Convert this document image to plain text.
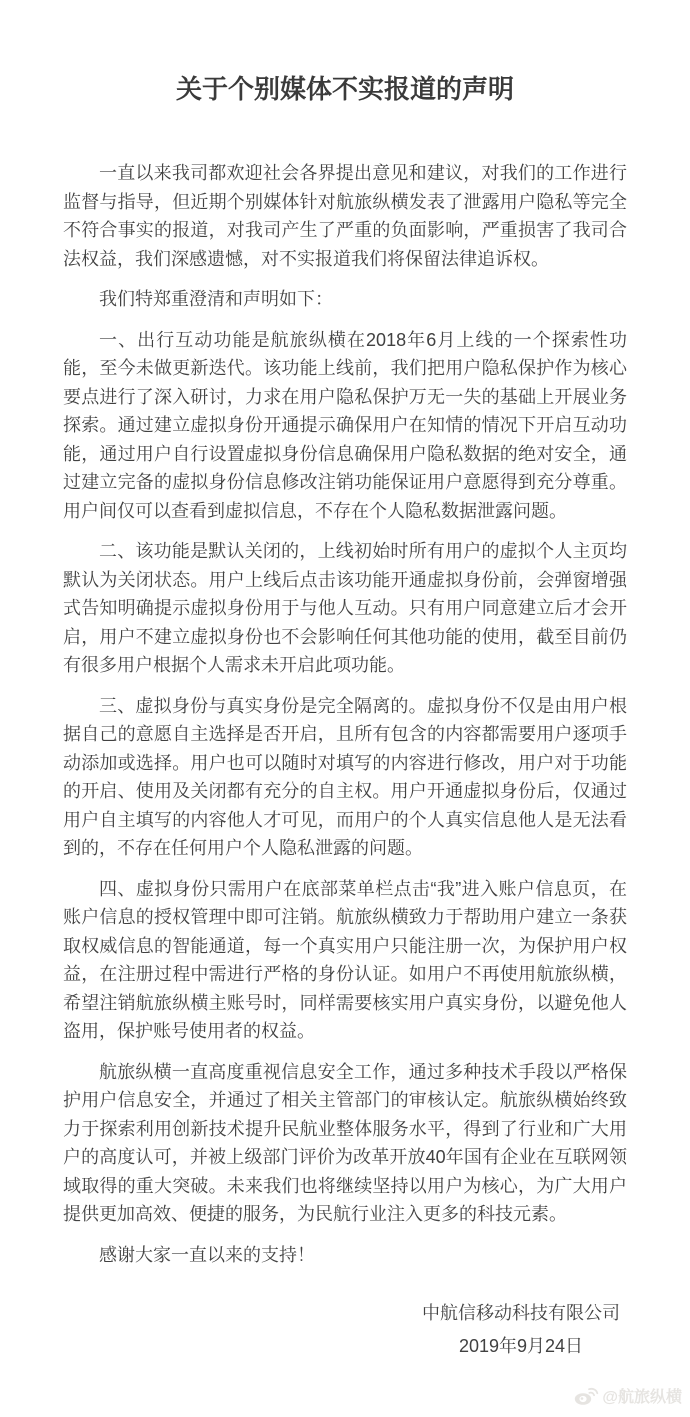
关于个别媒体不实报道的声明

一直以来我司都欢迎社会各界提出意见和建议，对我们的工作进行监督与指导，但近期个别媒体针对航旅纵横发表了泄露用户隐私等完全不符合事实的报道，对我司产生了严重的负面影响，严重损害了我司合法权益，我们深感遗憾，对不实报道我们将保留法律追诉权。

我们特郑重澄清和声明如下：

一、出行互动功能是航旅纵横在2018年6月上线的一个探索性功能，至今未做更新迭代。该功能上线前，我们把用户隐私保护作为核心要点进行了深入研讨，力求在用户隐私保护万无一失的基础上开展业务探索。通过建立虚拟身份开通提示确保用户在知情的情况下开启互动功能，通过用户自行设置虚拟身份信息确保用户隐私数据的绝对安全，通过建立完备的虚拟身份信息修改注销功能保证用户意愿得到充分尊重。用户间仅可以查看到虚拟信息，不存在个人隐私数据泄露问题。

二、该功能是默认关闭的，上线初始时所有用户的虚拟个人主页均默认为关闭状态。用户上线后点击该功能开通虚拟身份前，会弹窗增强式告知明确提示虚拟身份用于与他人互动。只有用户同意建立后才会开启，用户不建立虚拟身份也不会影响任何其他功能的使用，截至目前仍有很多用户根据个人需求未开启此项功能。

三、虚拟身份与真实身份是完全隔离的。虚拟身份不仅是由用户根据自己的意愿自主选择是否开启，且所有包含的内容都需要用户逐项手动添加或选择。用户也可以随时对填写的内容进行修改，用户对于功能的开启、使用及关闭都有充分的自主权。用户开通虚拟身份后，仅通过用户自主填写的内容他人才可见，而用户的个人真实信息他人是无法看到的，不存在任何用户个人隐私泄露的问题。

四、虚拟身份只需用户在底部菜单栏点击“我”进入账户信息页，在账户信息的授权管理中即可注销。航旅纵横致力于帮助用户建立一条获取权威信息的智能通道，每一个真实用户只能注册一次，为保护用户权益，在注册过程中需进行严格的身份认证。如用户不再使用航旅纵横，希望注销航旅纵横主账号时，同样需要核实用户真实身份，以避免他人盗用，保护账号使用者的权益。

航旅纵横一直高度重视信息安全工作，通过多种技术手段以严格保护用户信息安全，并通过了相关主管部门的审核认定。航旅纵横始终致力于探索利用创新技术提升民航业整体服务水平，得到了行业和广大用户的高度认可，并被上级部门评价为改革开放40年国有企业在互联网领域取得的重大突破。未来我们也将继续坚持以用户为核心，为广大用户提供更加高效、便捷的服务，为民航行业注入更多的科技元素。

感谢大家一直以来的支持！

中航信移动科技有限公司
2019年9月24日
@航旅纵横
